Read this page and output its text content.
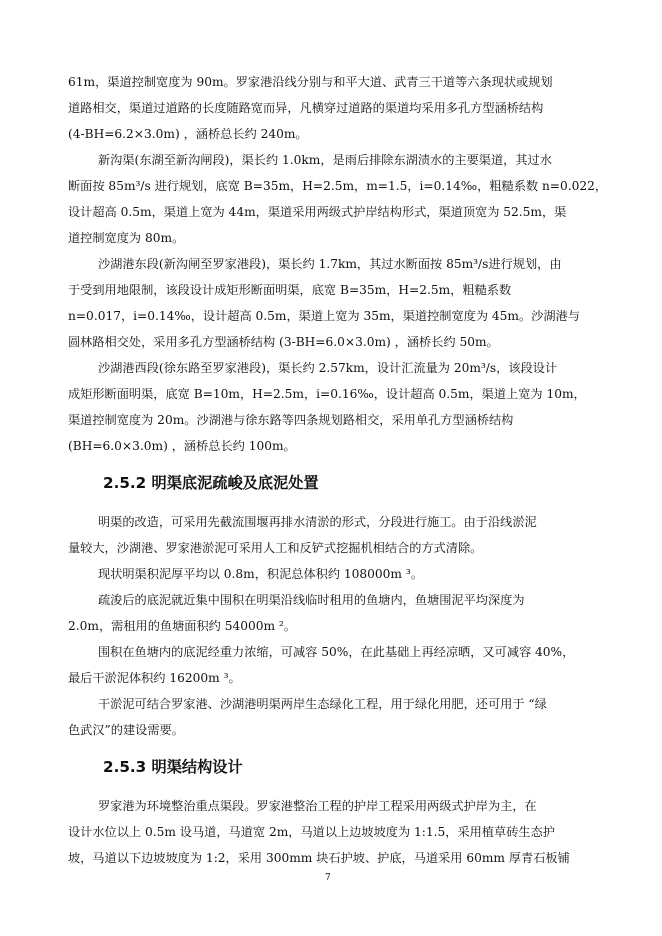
61m，渠道控制宽度为 90m。罗家港沿线分别与和平大道、武青三干道等六条现状或规划
道路相交，渠道过道路的长度随路宽而异，凡横穿过道路的渠道均采用多孔方型涵桥结构
(4-BH=6.2×3.0m) ，涵桥总长约 240m。
新沟渠(东湖至新沟闸段)，渠长约 1.0km，是雨后排除东湖渍水的主要渠道，其过水
断面按 85m³/s 进行规划，底宽 B=35m，H=2.5m，m=1.5，i=0.14‰，粗糙系数 n=0.022，
设计超高 0.5m，渠道上宽为 44m，渠道采用两级式护岸结构形式，渠道顶宽为 52.5m，渠
道控制宽度为 80m。
沙湖港东段(新沟闸至罗家港段)，渠长约 1.7km，其过水断面按 85m³/s进行规划，由
于受到用地限制，该段设计成矩形断面明渠，底宽 B=35m，H=2.5m，粗糙系数
n=0.017，i=0.14‰，设计超高 0.5m，渠道上宽为 35m，渠道控制宽度为 45m。沙湖港与
圆林路相交处，采用多孔方型涵桥结构 (3-BH=6.0×3.0m) ，涵桥长约 50m。
沙湖港西段(徐东路至罗家港段)，渠长约 2.57km，设计汇流量为 20m³/s，该段设计
成矩形断面明渠，底宽 B=10m，H=2.5m，i=0.16‰，设计超高 0.5m，渠道上宽为 10m，
渠道控制宽度为 20m。沙湖港与徐东路等四条规划路相交，采用单孔方型涵桥结构
(BH=6.0×3.0m) ，涵桥总长约 100m。
2.5.2 明渠底泥疏峻及底泥处置
明渠的改造，可采用先截流围堰再排水清淤的形式，分段进行施工。由于沿线淤泥
量较大，沙湖港、罗家港淤泥可采用人工和反铲式挖掘机相结合的方式清除。
现状明渠积泥厚平均以 0.8m，积泥总体积约 108000m ³。
疏浚后的底泥就近集中围积在明渠沿线临时租用的鱼塘内，鱼塘围泥平均深度为
2.0m，需租用的鱼塘面积约 54000m ²。
围积在鱼塘内的底泥经重力浓缩，可减容 50%，在此基础上再经凉晒，又可减容 40%，
最后干淤泥体积约 16200m ³。
干淤泥可结合罗家港、沙湖港明渠两岸生态绿化工程，用于绿化用肥，还可用于 “绿
色武汉”的建设需要。
2.5.3 明渠结构设计
罗家港为环境整治重点渠段。罗家港整治工程的护岸工程采用两级式护岸为主，在
设计水位以上 0.5m 设马道，马道宽 2m，马道以上边坡坡度为 1:1.5，采用植草砖生态护
坡，马道以下边坡坡度为 1:2，采用 300mm 块石护坡、护底，马道采用 60mm 厚青石板铺
7
